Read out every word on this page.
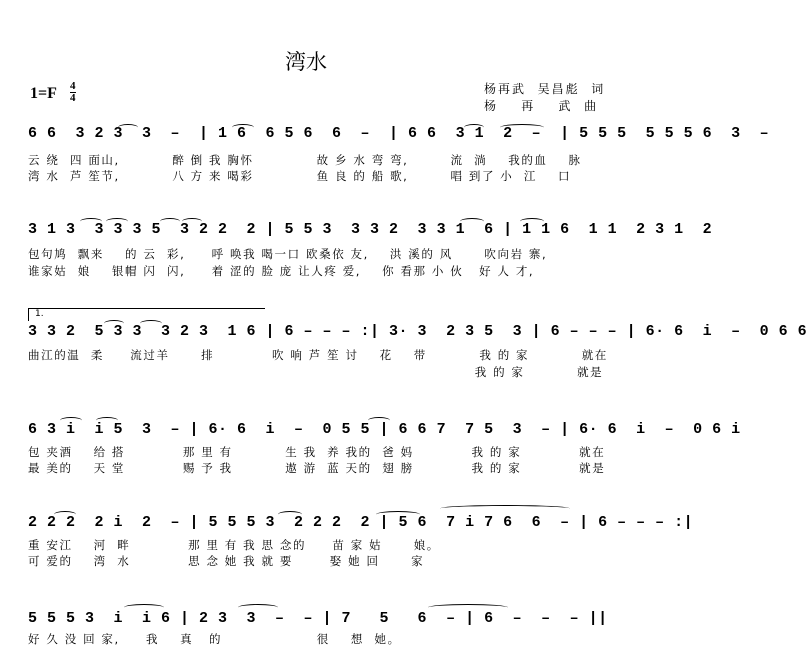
湾水
$1=F \frac{4}{4}$	杨再武  吴昌彪  词
杨    再    武  曲
6 6  3 2 3  3  –  | 1 6  6 5 6  6  –  | 6 6  3 1  2  –  | 5 5 5  5 5 5 6  3  –
云 绕  四 面山,          醉 倒 我 胸怀            故 乡 水 弯 弯,        流  淌    我的血    脉
湾 水  芦 笙节,          八 方 来 喝彩            鱼 良 的 船 歌,        唱 到了 小  江    口
3 1 3  3 3 3 5  3 2 2  2 | 5 5 3  3 3 2  3 3 1  6 | 1 1 6  1 1  2 3 1  2
包句鸠  飘来    的 云  彩,     呼 唤我 喝一口 欧桑依 友,    洪 溪的 风      吹向岩 寨,
谁家姑  娘    银帽 闪  闪,     着 涩的 脸 庞 让人疼 爱,    你 看那 小 伙   好 人 才,
1.
3 3 2  5 3 3  3 2 3  1 6 | 6 – – – :| 3· 3  2 3 5  3 | 6 – – – | 6· 6  i  –  0 6 6
曲江的温  柔     流过羊      排           吹 响 芦 笙 讨    花    带          我 的 家          就在
我 的 家          就是
6 3 i  i 5  3  – | 6· 6  i  –  0 5 5 | 6 6 7  7 5  3  – | 6· 6  i  –  0 6 i
包 夹酒    给 搭           那 里 有          生 我  养 我的  爸 妈           我 的 家           就在
最 美的    天 堂           赐 予 我          遨 游  蓝 天的  翅 膀           我 的 家           就是
2 2 2  2 i  2  – | 5 5 5 3  2 2 2  2 | 5 6  7 i 7 6  6  – | 6 – – – :|
重 安江    河  畔           那 里 有 我 思 念的     苗 家 姑      娘。
可 爱的    湾  水           思 念 她 我 就 要       娶 她 回      家
5 5 5 3  i  i 6 | 2 3  3  –  – | 7   5   6  – | 6  –  –  – ||
好 久 没 回 家,     我    真   的                  很    想  她。
